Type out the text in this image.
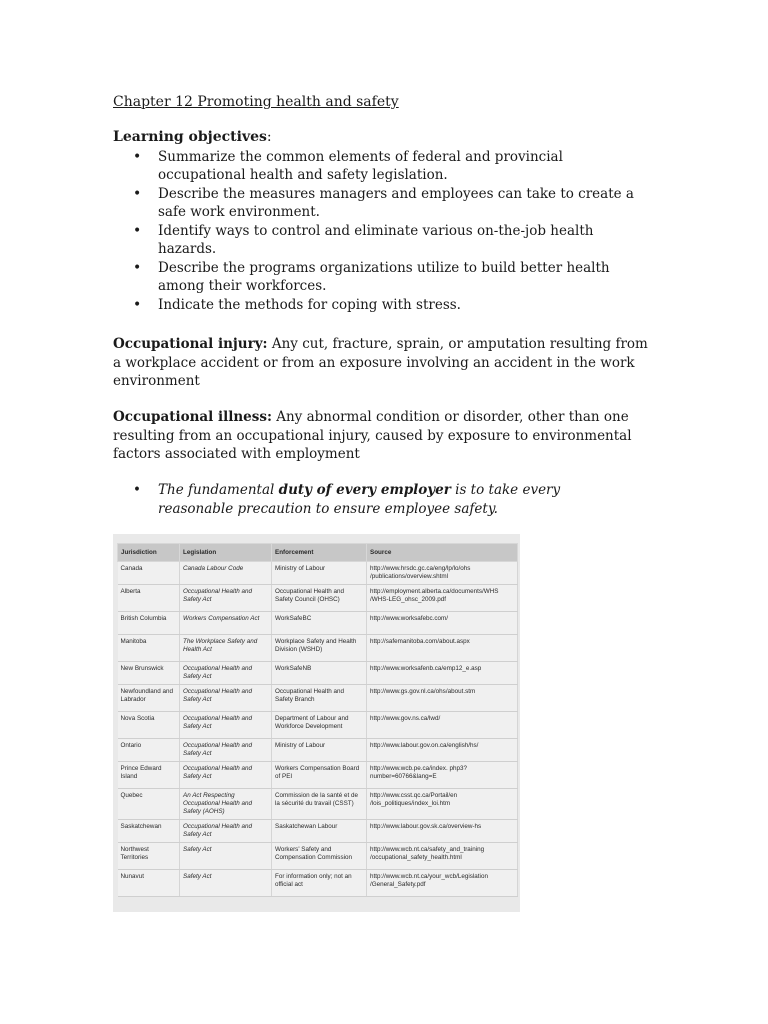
Chapter 12 Promoting health and safety

Learning objectives:

• Summarize the common elements of federal and provincial occupational health and safety legislation.
• Describe the measures managers and employees can take to create a safe work environment.
• Identify ways to control and eliminate various on-the-job health hazards.
• Describe the programs organizations utilize to build better health among their workforces.
• Indicate the methods for coping with stress.

Occupational injury: Any cut, fracture, sprain, or amputation resulting from a workplace accident or from an exposure involving an accident in the work environment

Occupational illness: Any abnormal condition or disorder, other than one resulting from an occupational injury, caused by exposure to environmental factors associated with employment

• The fundamental duty of every employer is to take every reasonable precaution to ensure employee safety.
Jurisdiction	Legislation	Enforcement	Source
Canada	Canada Labour Code	Ministry of Labour	http://www.hrsdc.gc.ca/eng/lp/lo/ohs /publications/overview.shtml
Alberta	Occupational Health and Safety Act	Occupational Health and Safety Council (OHSC)	http://employment.alberta.ca/documents/WHS /WHS-LEG_ohsc_2009.pdf
British Columbia	Workers Compensation Act	WorkSafeBC	http://www.worksafebc.com/
Manitoba	The Workplace Safety and Health Act	Workplace Safety and Health Division (WSHD)	http://safemanitoba.com/about.aspx
New Brunswick	Occupational Health and Safety Act	WorkSafeNB	http://www.worksafenb.ca/emp12_e.asp
Newfoundland and Labrador	Occupational Health and Safety Act	Occupational Health and Safety Branch	http://www.gs.gov.nl.ca/ohs/about.stm
Nova Scotia	Occupational Health and Safety Act	Department of Labour and Workforce Development	http://www.gov.ns.ca/lwd/
Ontario	Occupational Health and Safety Act	Ministry of Labour	http://www.labour.gov.on.ca/english/hs/
Prince Edward Island	Occupational Health and Safety Act	Workers Compensation Board of PEI	http://www.wcb.pe.ca/index. php3?number=60766&lang=E
Quebec	An Act Respecting Occupational Health and Safety (AOHS)	Commission de la santé et de la sécurité du travail (CSST)	http://www.csst.qc.ca/Portail/en /lois_politiques/index_loi.htm
Saskatchewan	Occupational Health and Safety Act	Saskatchewan Labour	http://www.labour.gov.sk.ca/overview-hs
Northwest Territories	Safety Act	Workers' Safety and Compensation Commission	http://www.wcb.nt.ca/safety_and_training /occupational_safety_health.html
Nunavut	Safety Act	For information only; not an official act	http://www.wcb.nt.ca/your_wcb/Legislation /General_Safety.pdf
